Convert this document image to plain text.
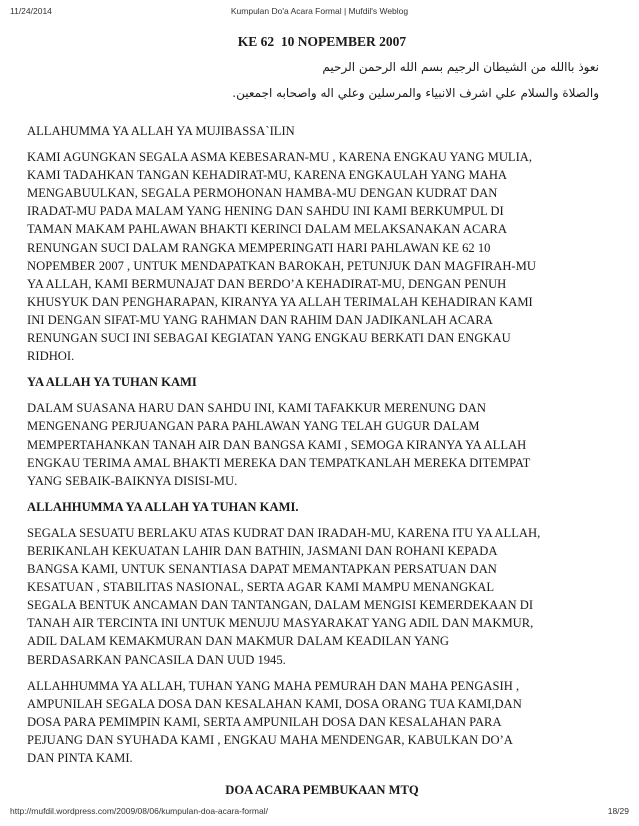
11/24/2014	Kumpulan Do'a Acara Formal | Mufdil's Weblog
KE 62  10 NOPEMBER 2007

نعوذ باالله من الشيطان الرجيم بسم الله الرحمن الرحيم

والصلاة والسلام علي اشرف الانبياء والمرسلين وعلي اله واصحابه اجمعين.

ALLAHUMMA YA ALLAH YA MUJIBASSA`ILIN

KAMI AGUNGKAN SEGALA ASMA KEBESARAN-MU , KARENA ENGKAU YANG MULIA,
KAMI TADAHKAN TANGAN KEHADIRAT-MU, KARENA ENGKAULAH YANG MAHA
MENGABUULKAN, SEGALA PERMOHONAN HAMBA-MU DENGAN KUDRAT DAN
IRADAT-MU PADA MALAM YANG HENING DAN SAHDU INI KAMI BERKUMPUL DI
TAMAN MAKAM PAHLAWAN BHAKTI KERINCI DALAM MELAKSANAKAN ACARA
RENUNGAN SUCI DALAM RANGKA MEMPERINGATI HARI PAHLAWAN KE 62 10
NOPEMBER 2007 , UNTUK MENDAPATKAN BAROKAH, PETUNJUK DAN MAGFIRAH-MU
YA ALLAH, KAMI BERMUNAJAT DAN BERDO’A KEHADIRAT-MU, DENGAN PENUH
KHUSYUK DAN PENGHARAPAN, KIRANYA YA ALLAH TERIMALAH KEHADIRAN KAMI
INI DENGAN SIFAT-MU YANG RAHMAN DAN RAHIM DAN JADIKANLAH ACARA
RENUNGAN SUCI INI SEBAGAI KEGIATAN YANG ENGKAU BERKATI DAN ENGKAU
RIDHOI.

YA ALLAH YA TUHAN KAMI

DALAM SUASANA HARU DAN SAHDU INI, KAMI TAFAKKUR MERENUNG DAN
MENGENANG PERJUANGAN PARA PAHLAWAN YANG TELAH GUGUR DALAM
MEMPERTAHANKAN TANAH AIR DAN BANGSA KAMI , SEMOGA KIRANYA YA ALLAH
ENGKAU TERIMA AMAL BHAKTI MEREKA DAN TEMPATKANLAH MEREKA DITEMPAT
YANG SEBAIK-BAIKNYA DISISI-MU.

ALLAHHUMMA YA ALLAH YA TUHAN KAMI.

SEGALA SESUATU BERLAKU ATAS KUDRAT DAN IRADAH-MU, KARENA ITU YA ALLAH,
BERIKANLAH KEKUATAN LAHIR DAN BATHIN, JASMANI DAN ROHANI KEPADA
BANGSA KAMI, UNTUK SENANTIASA DAPAT MEMANTAPKAN PERSATUAN DAN
KESATUAN , STABILITAS NASIONAL, SERTA AGAR KAMI MAMPU MENANGKAL
SEGALA BENTUK ANCAMAN DAN TANTANGAN, DALAM MENGISI KEMERDEKAAN DI
TANAH AIR TERCINTA INI UNTUK MENUJU MASYARAKAT YANG ADIL DAN MAKMUR,
ADIL DALAM KEMAKMURAN DAN MAKMUR DALAM KEADILAN YANG
BERDASARKAN PANCASILA DAN UUD 1945.

ALLAHHUMMA YA ALLAH, TUHAN YANG MAHA PEMURAH DAN MAHA PENGASIH ,
AMPUNILAH SEGALA DOSA DAN KESALAHAN KAMI, DOSA ORANG TUA KAMI,DAN
DOSA PARA PEMIMPIN KAMI, SERTA AMPUNILAH DOSA DAN KESALAHAN PARA
PEJUANG DAN SYUHADA KAMI , ENGKAU MAHA MENDENGAR, KABULKAN DO’A
DAN PINTA KAMI.

DOA ACARA PEMBUKAAN MTQ
http://mufdil.wordpress.com/2009/08/06/kumpulan-doa-acara-formal/	18/29
